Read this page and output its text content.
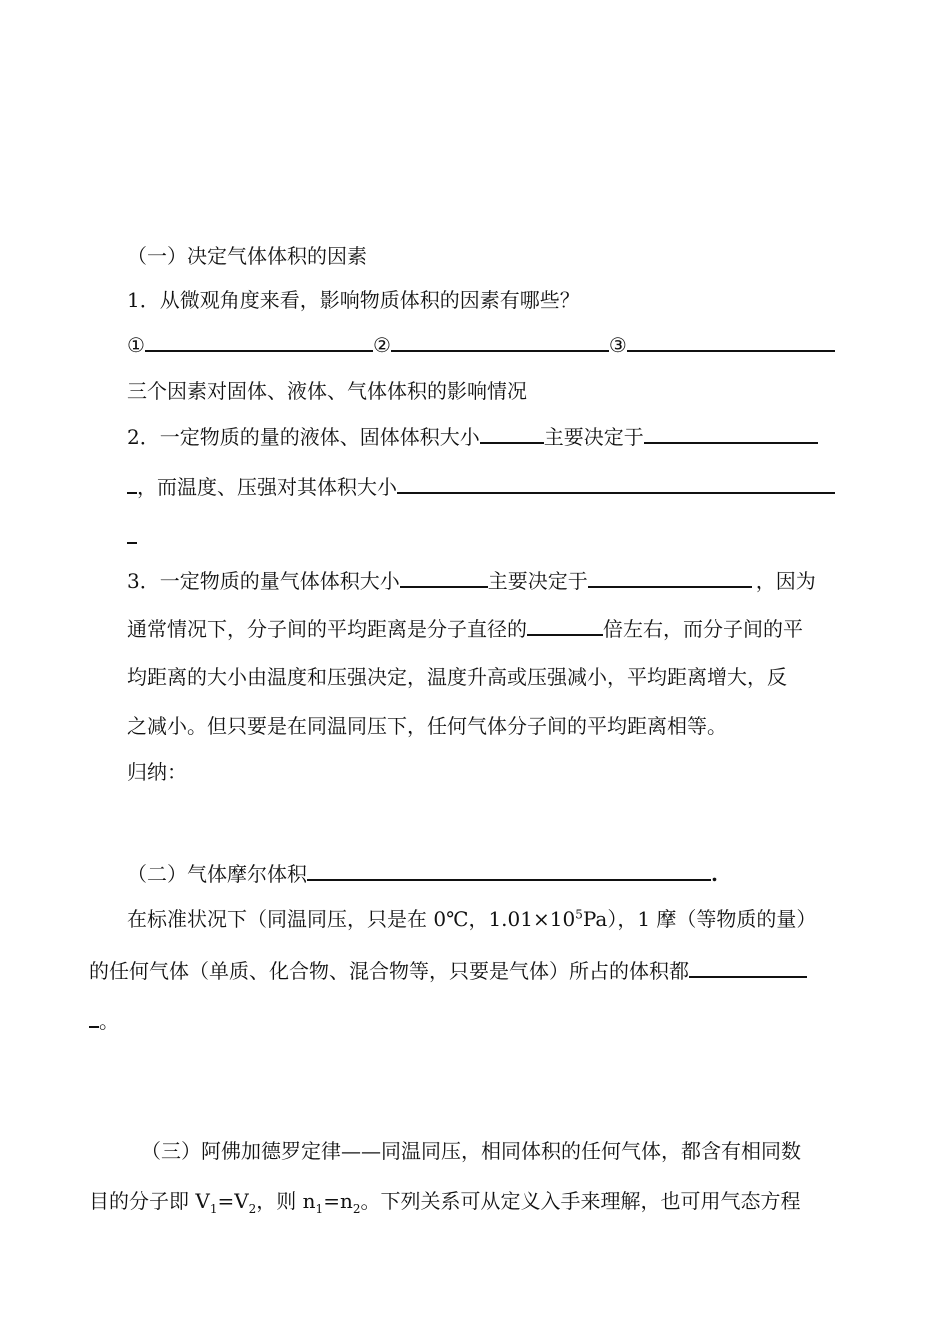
（一）决定气体体积的因素
1．从微观角度来看，影响物质体积的因素有哪些？
①	②	③
三个因素对固体、液体、气体体积的影响情况
2．一定物质的量的液体、固体体积大小	主要决定于
，而温度、压强对其体积大小
3．一定物质的量气体体积大小	主要决定于	，因为
通常情况下，分子间的平均距离是分子直径的	倍左右，而分子间的平
均距离的大小由温度和压强决定，温度升高或压强减小，平均距离增大，反
之减小。但只要是在同温同压下，任何气体分子间的平均距离相等。
归纳：
（二）气体摩尔体积	.
在标准状况下（同温同压，只是在 0℃，$1.01\times 10^5Pa$），1 摩（等物质的量）
的任何气体（单质、化合物、混合物等，只要是气体）所占的体积都
。
（三）阿佛加德罗定律——同温同压，相同体积的任何气体，都含有相同数
目的分子即 $V_1=V_2$，则 $n_1=n_2$。下列关系可从定义入手来理解，也可用气态方程
